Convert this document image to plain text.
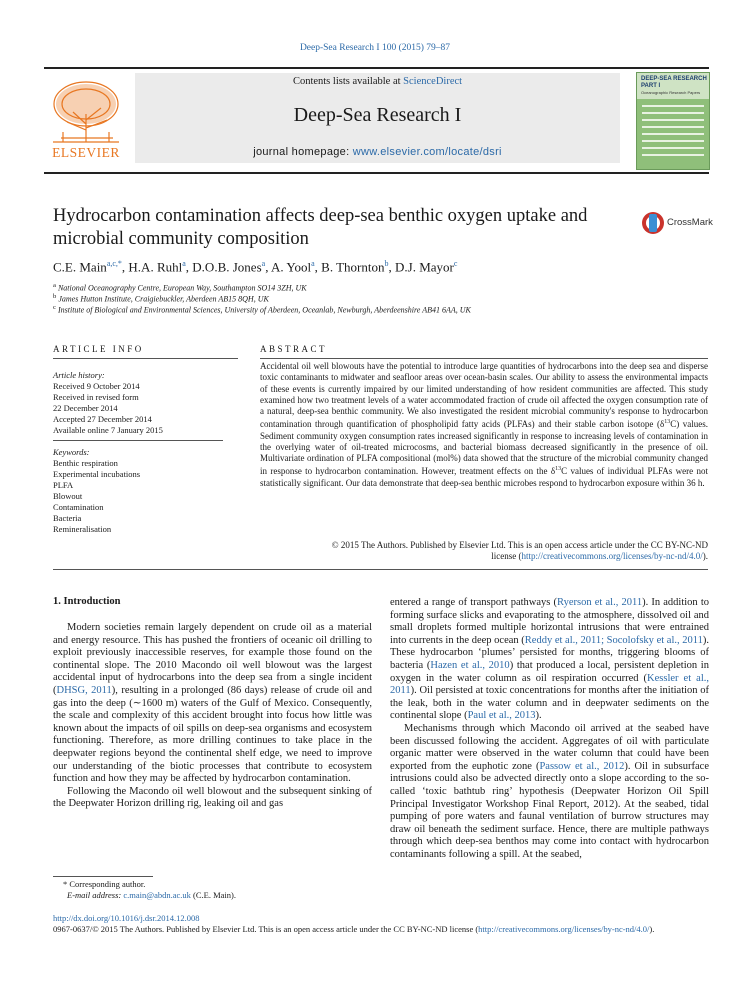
Deep-Sea Research I 100 (2015) 79–87
ELSEVIER
Contents lists available at ScienceDirect
Deep-Sea Research I
journal homepage: www.elsevier.com/locate/dsri
DEEP-SEA RESEARCH
PART I
Oceanographic Research Papers
Hydrocarbon contamination affects deep-sea benthic oxygen uptake and microbial community composition
CrossMark
C.E. Main$^{a,c,*}$, H.A. Ruhl$^a$, D.O.B. Jones$^a$, A. Yool$^a$, B. Thornton$^b$, D.J. Mayor$^c$
$^a$ National Oceanography Centre, European Way, Southampton SO14 3ZH, UK
$^b$ James Hutton Institute, Craigiebuckler, Aberdeen AB15 8QH, UK
$^c$ Institute of Biological and Environmental Sciences, University of Aberdeen, Oceanlab, Newburgh, Aberdeenshire AB41 6AA, UK
ARTICLE INFO
Article history:
Received 9 October 2014
Received in revised form
22 December 2014
Accepted 27 December 2014
Available online 7 January 2015
Keywords:
Benthic respiration
Experimental incubations
PLFA
Blowout
Contamination
Bacteria
Remineralisation
ABSTRACT
Accidental oil well blowouts have the potential to introduce large quantities of hydrocarbons into the deep sea and disperse toxic contaminants to midwater and seafloor areas over ocean-basin scales. Our ability to assess the environmental impacts of these events is currently impaired by our limited understanding of how resident communities are affected. This study examined how two treatment levels of a water accommodated fraction of crude oil affected the oxygen consumption rate of a natural, deep-sea benthic community. We also investigated the resident microbial community's response to hydrocarbon contamination through quantification of phospholipid fatty acids (PLFAs) and their stable carbon isotope $(\delta^{13}C)$ values. Sediment community oxygen consumption rates increased significantly in response to increasing levels of contamination in the overlying water of oil-treated microcosms, and bacterial biomass decreased significantly in the presence of oil. Multivariate ordination of PLFA compositional (mol%) data showed that the structure of the microbial community changed in response to hydrocarbon contamination. However, treatment effects on the $\delta^{13}C$ values of individual PLFAs were not statistically significant. Our data demonstrate that deep-sea benthic microbes respond to hydrocarbon exposure within 36 h.
© 2015 The Authors. Published by Elsevier Ltd. This is an open access article under the CC BY-NC-ND
license (http://creativecommons.org/licenses/by-nc-nd/4.0/).
1. Introduction

Modern societies remain largely dependent on crude oil as a material and energy resource. This has pushed the frontiers of oceanic oil drilling to exploit previously inaccessible reserves, for example those found on the continental slope. The 2010 Macondo oil well blowout was the largest accidental input of hydrocarbons into the deep sea from a single incident (DHSG, 2011), resulting in a prolonged (86 days) release of crude oil and gas into the deep (∼1600 m) waters of the Gulf of Mexico. Consequently, the scale and complexity of this accident brought into focus how little was known about the impacts of oil spills on deep-sea organisms and ecosystem functioning. Therefore, as more drilling continues to take place in the deepwater regions beyond the continental shelf edge, we need to improve our understanding of the biotic processes that contribute to ecosystem function and how they may be affected by hydrocarbon contamination.

Following the Macondo oil well blowout and the subsequent sinking of the Deepwater Horizon drilling rig, leaking oil and gas

entered a range of transport pathways (Ryerson et al., 2011). In addition to forming surface slicks and evaporating to the atmosphere, dissolved oil and small droplets formed multiple horizontal intrusions that were entrained into currents in the deep ocean (Reddy et al., 2011; Socolofsky et al., 2011). These hydrocarbon ‘plumes’ persisted for months, triggering blooms of bacteria (Hazen et al., 2010) that produced a local, persistent depletion in oxygen in the water column as oil respiration occurred (Kessler et al., 2011). Oil persisted at toxic concentrations for months after the initiation of the leak, both in the water column and in deepwater sediments on the continental slope (Paul et al., 2013).

Mechanisms through which Macondo oil arrived at the seabed have been discussed following the accident. Aggregates of oil with particulate organic matter were observed in the water column that could have been exported from the euphotic zone (Passow et al., 2012). Oil in subsurface intrusions could also be advected directly onto a slope according to the so-called ‘toxic bathtub ring’ hypothesis (Deepwater Horizon Oil Spill Principal Investigator Workshop Final Report, 2012). At the seabed, tidal pumping of pore waters and faunal ventilation of burrow structures may draw oil beneath the sediment surface. Hence, there are multiple pathways through which deep-sea benthos may come into contact with hydrocarbon contaminants following a spill. At the seabed,

* Corresponding author.
E-mail address: c.main@abdn.ac.uk (C.E. Main).
http://dx.doi.org/10.1016/j.dsr.2014.12.008
0967-0637/© 2015 The Authors. Published by Elsevier Ltd. This is an open access article under the CC BY-NC-ND license (http://creativecommons.org/licenses/by-nc-nd/4.0/).
